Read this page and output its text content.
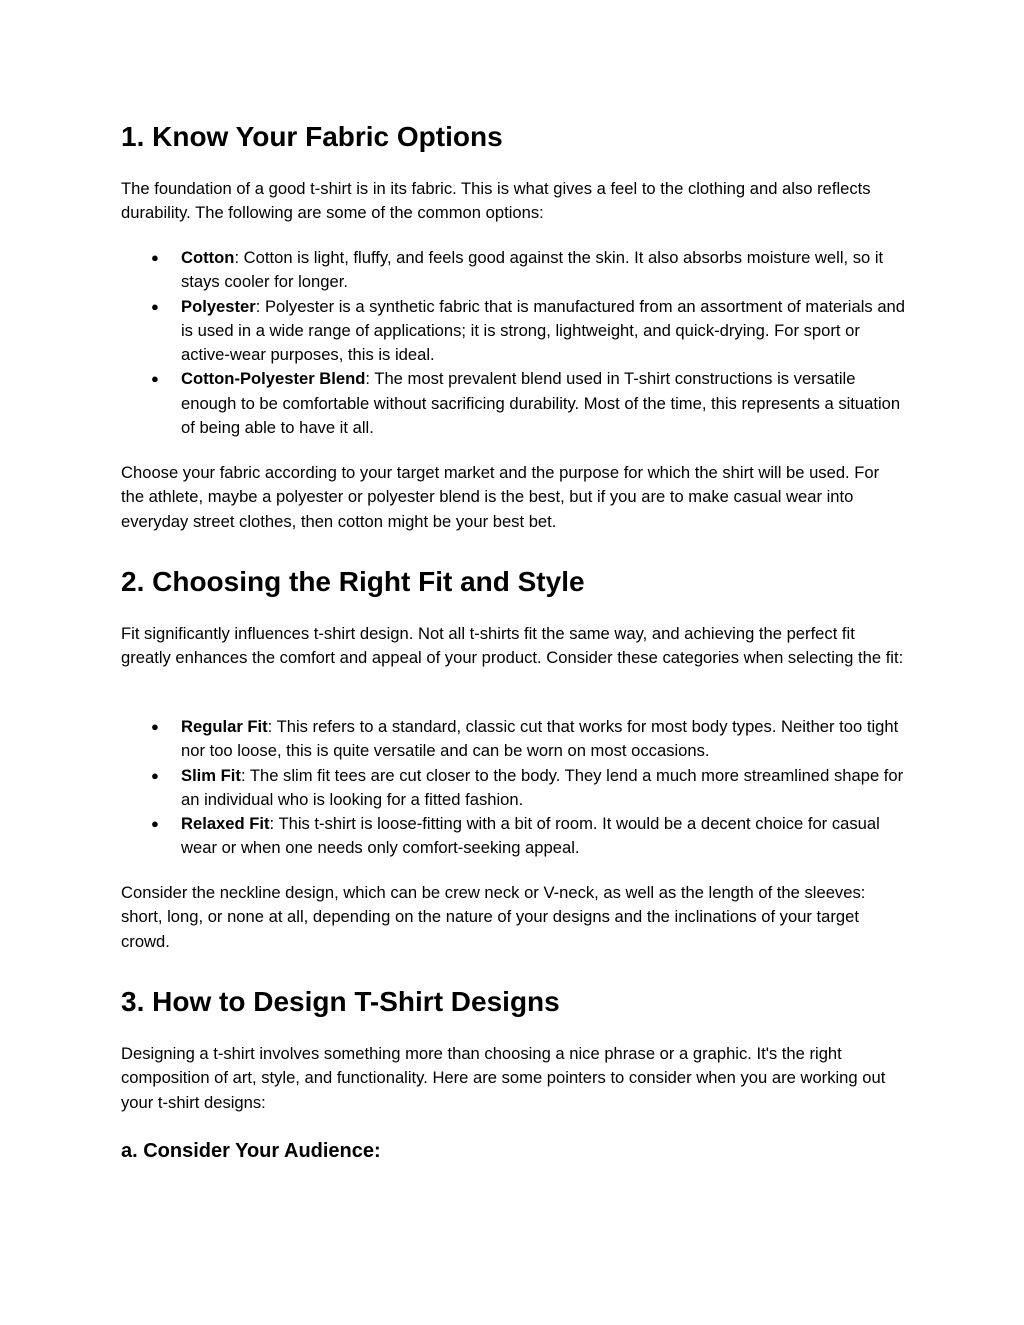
1. Know Your Fabric Options

The foundation of a good t-shirt is in its fabric. This is what gives a feel to the clothing and also reflects durability. The following are some of the common options:

● Cotton: Cotton is light, fluffy, and feels good against the skin. It also absorbs moisture well, so it stays cooler for longer.
● Polyester: Polyester is a synthetic fabric that is manufactured from an assortment of materials and is used in a wide range of applications; it is strong, lightweight, and quick-drying. For sport or active-wear purposes, this is ideal.
● Cotton-Polyester Blend: The most prevalent blend used in T-shirt constructions is versatile enough to be comfortable without sacrificing durability. Most of the time, this represents a situation of being able to have it all.

Choose your fabric according to your target market and the purpose for which the shirt will be used. For the athlete, maybe a polyester or polyester blend is the best, but if you are to make casual wear into everyday street clothes, then cotton might be your best bet.

2. Choosing the Right Fit and Style

Fit significantly influences t-shirt design. Not all t-shirts fit the same way, and achieving the perfect fit greatly enhances the comfort and appeal of your product. Consider these categories when selecting the fit:

● Regular Fit: This refers to a standard, classic cut that works for most body types. Neither too tight nor too loose, this is quite versatile and can be worn on most occasions.
● Slim Fit: The slim fit tees are cut closer to the body. They lend a much more streamlined shape for an individual who is looking for a fitted fashion.
● Relaxed Fit: This t-shirt is loose-fitting with a bit of room. It would be a decent choice for casual wear or when one needs only comfort-seeking appeal.

Consider the neckline design, which can be crew neck or V-neck, as well as the length of the sleeves: short, long, or none at all, depending on the nature of your designs and the inclinations of your target crowd.

3. How to Design T-Shirt Designs

Designing a t-shirt involves something more than choosing a nice phrase or a graphic. It's the right composition of art, style, and functionality. Here are some pointers to consider when you are working out your t-shirt designs:

a. Consider Your Audience:
